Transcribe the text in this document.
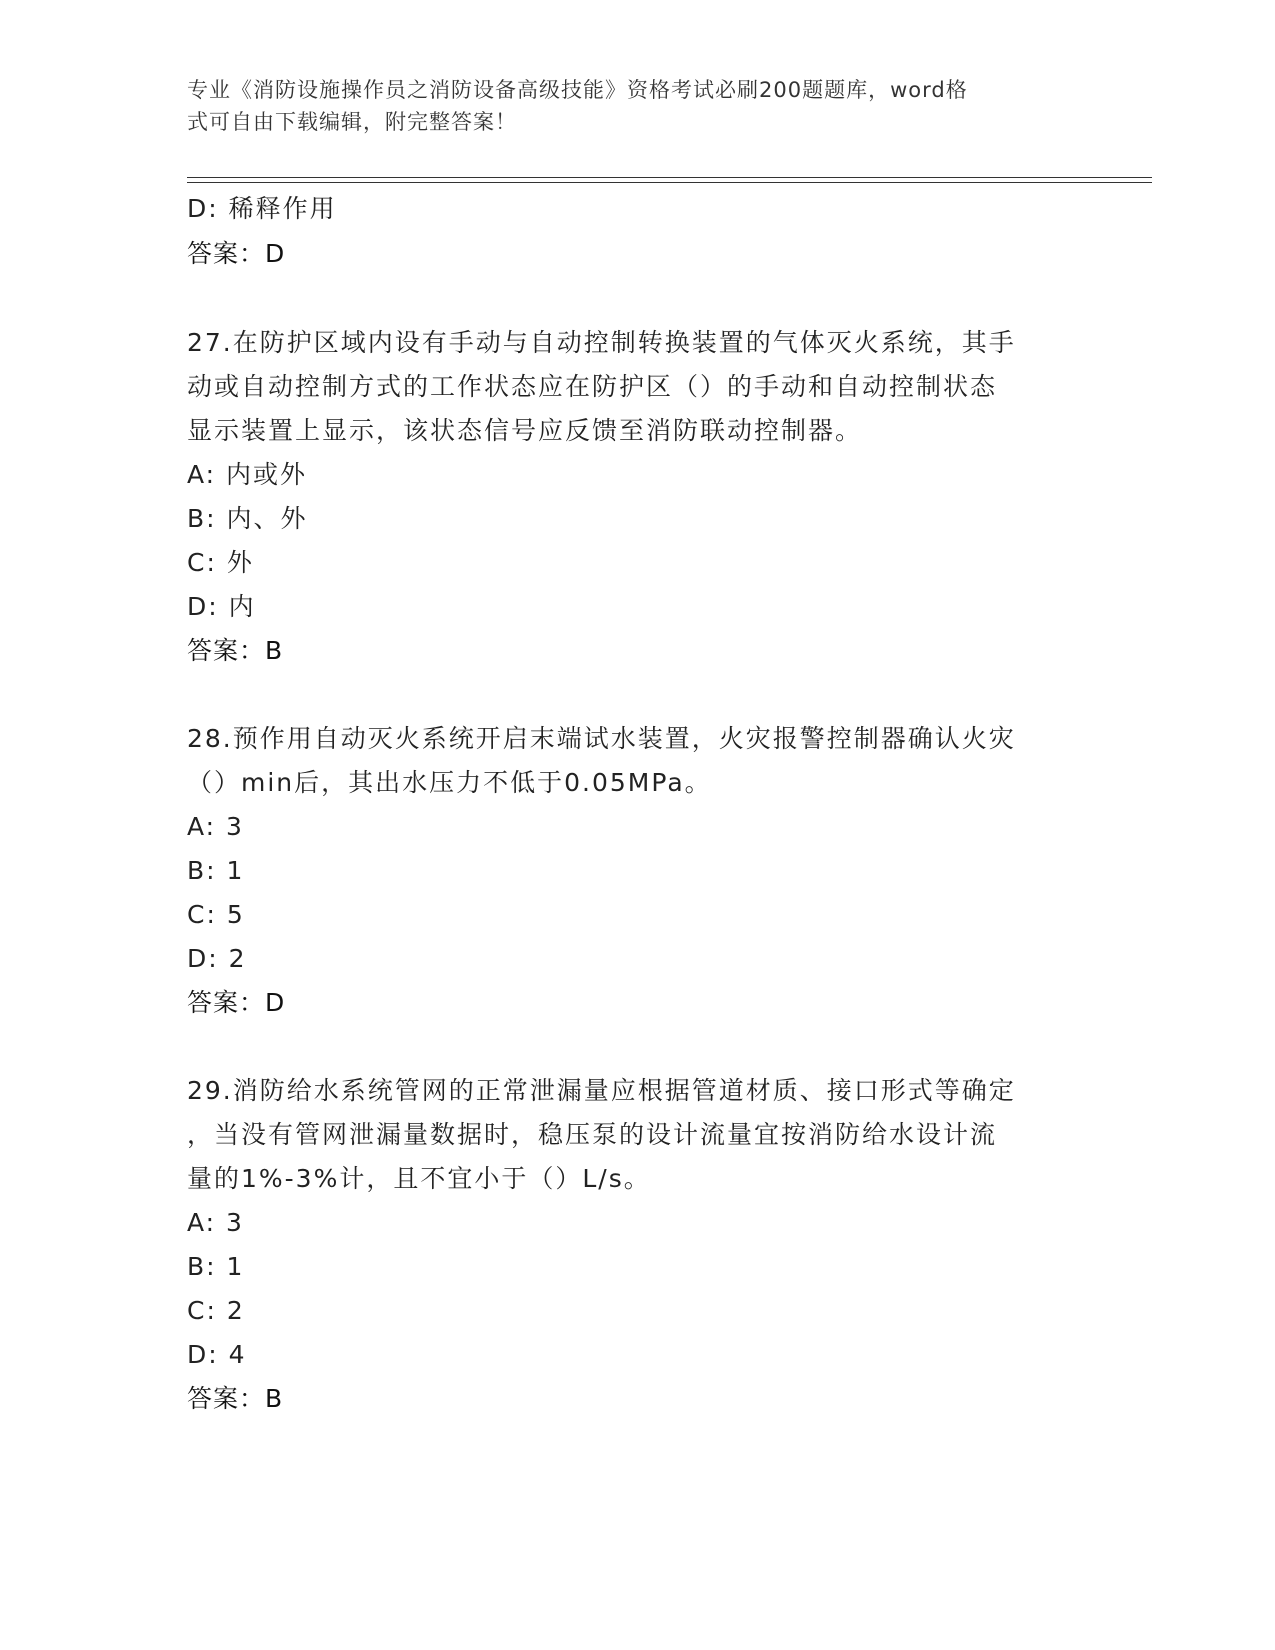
专业《消防设施操作员之消防设备高级技能》资格考试必刷200题题库，word格
式可自由下载编辑，附完整答案！
D: 稀释作用
答案：D
27.在防护区域内设有手动与自动控制转换装置的气体灭火系统，其手
动或自动控制方式的工作状态应在防护区（）的手动和自动控制状态
显示装置上显示，该状态信号应反馈至消防联动控制器。
A: 内或外
B: 内、外
C: 外
D: 内
答案：B
28.预作用自动灭火系统开启末端试水装置，火灾报警控制器确认火灾
（）min后，其出水压力不低于0.05MPa。
A: 3
B: 1
C: 5
D: 2
答案：D
29.消防给水系统管网的正常泄漏量应根据管道材质、接口形式等确定
，当没有管网泄漏量数据时，稳压泵的设计流量宜按消防给水设计流
量的1%-3%计，且不宜小于（）L/s。
A: 3
B: 1
C: 2
D: 4
答案：B
